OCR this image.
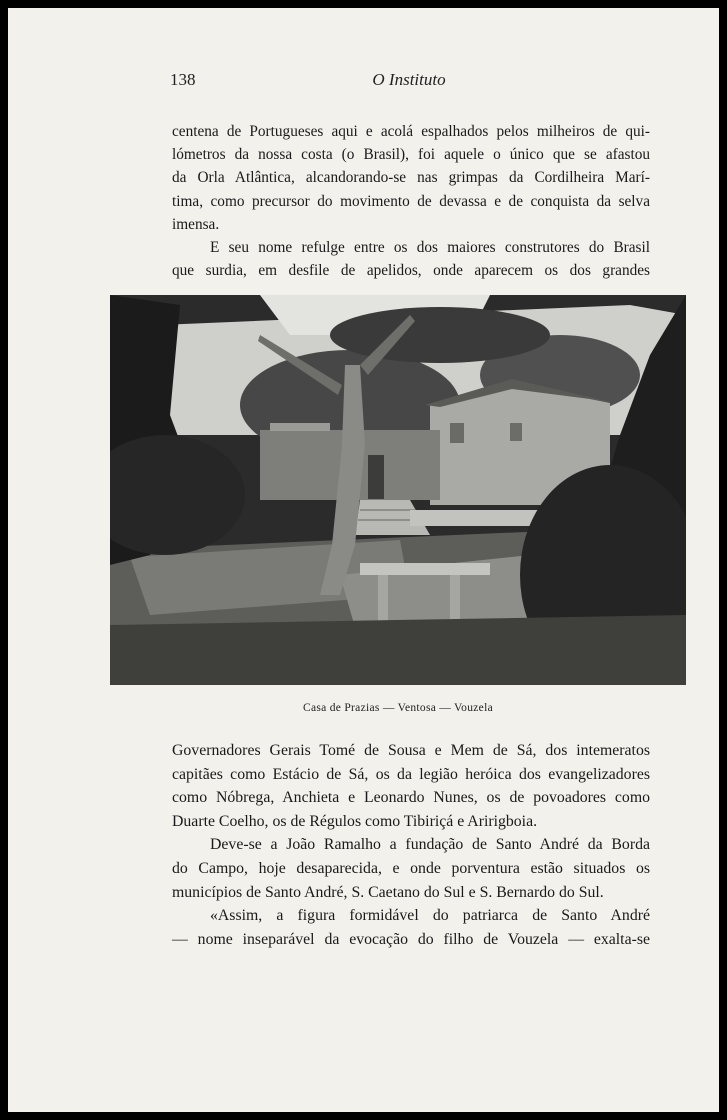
138	O Instituto
centena de Portugueses aqui e acolá espalhados pelos milheiros de qui-
lómetros da nossa costa (o Brasil), foi aquele o único que se afastou
da Orla Atlântica, alcandorando-se nas grimpas da Cordilheira Marí-
tima, como precursor do movimento de devassa e de conquista da selva
imensa.
E seu nome refulge entre os dos maiores construtores do Brasil
que surdia, em desfile de apelidos, onde aparecem os dos grandes
Casa de Prazias — Ventosa — Vouzela
Governadores Gerais Tomé de Sousa e Mem de Sá, dos intemeratos
capitães como Estácio de Sá, os da legião heróica dos evangelizadores
como Nóbrega, Anchieta e Leonardo Nunes, os de povoadores como
Duarte Coelho, os de Régulos como Tibiriçá e Aririgboia.
Deve-se a João Ramalho a fundação de Santo André da Borda
do Campo, hoje desaparecida, e onde porventura estão situados os
municípios de Santo André, S. Caetano do Sul e S. Bernardo do Sul.
«Assim, a figura formidável do patriarca de Santo André
— nome inseparável da evocação do filho de Vouzela — exalta-se
